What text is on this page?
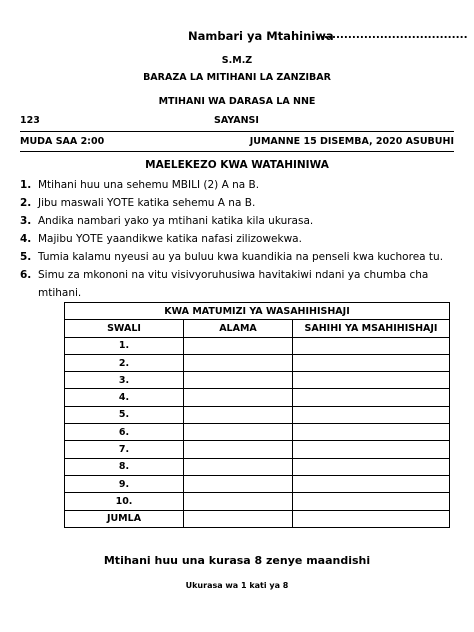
Nambari ya Mtahiniwa
......................................
S.M.Z
BARAZA LA MITIHANI LA ZANZIBAR
MTIHANI WA DARASA LA NNE
123	SAYANSI
MUDA SAA 2:00	JUMANNE 15 DISEMBA, 2020 ASUBUHI
MAELEKEZO KWA WATAHINIWA
1. Mtihani huu una sehemu MBILI (2) A na B.
2. Jibu maswali YOTE katika sehemu A na B.
3. Andika nambari yako ya mtihani katika kila ukurasa.
4. Majibu YOTE yaandikwe katika nafasi zilizowekwa.
5. Tumia kalamu nyeusi au ya buluu kwa kuandikia na penseli kwa kuchorea tu.
6. Simu za mkononi na vitu visivyoruhusiwa havitakiwi ndani ya chumba cha mtihani.
KWA MATUMIZI YA WASAHIHISHAJI		
SWALI	ALAMA	SAHIHI YA MSAHIHISHAJI
1.		
2.		
3.		
4.		
5.		
6.		
7.		
8.		
9.		
10.		
JUMLA		
Mtihani huu una kurasa 8 zenye maandishi
Ukurasa wa 1 kati ya 8
